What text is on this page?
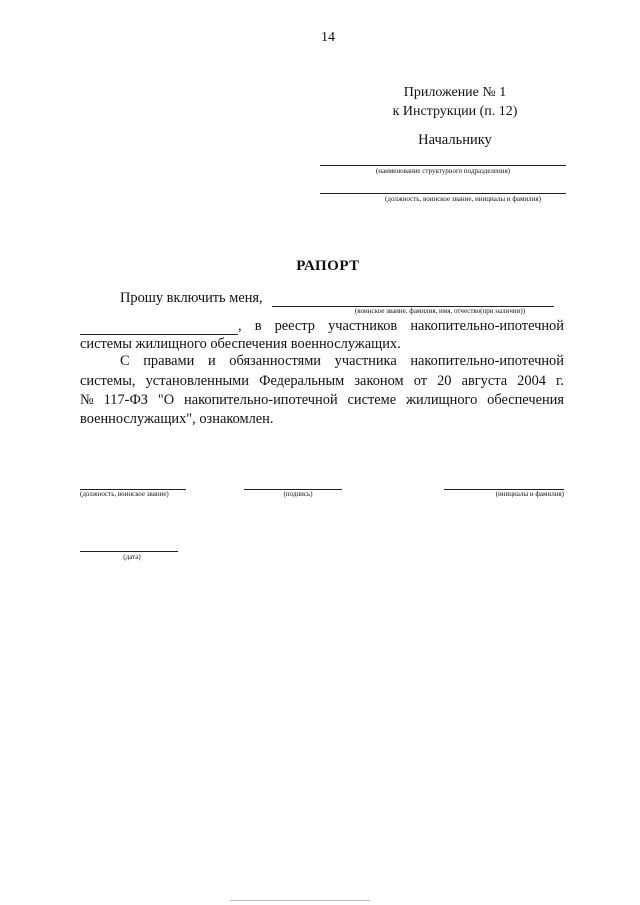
14
Приложение № 1
к Инструкции (п. 12)
Начальнику
(наименование структурного подразделения)
(должность, воинское звание, инициалы и фамилия)
РАПОРТ
Прошу включить меня,
(воинское звание, фамилия, имя, отчество(при наличии))
, в реестр участников накопительно-ипотечной
системы жилищного обеспечения военнослужащих.
С правами и обязанностями участника накопительно-ипотечной
системы, установленными Федеральным законом от 20 августа 2004 г.
№ 117-ФЗ "О накопительно-ипотечной системе жилищного обеспечения
военнослужащих", ознакомлен.
(должность, воинское звание)	(подпись)	(инициалы и фамилия)
(дата)
